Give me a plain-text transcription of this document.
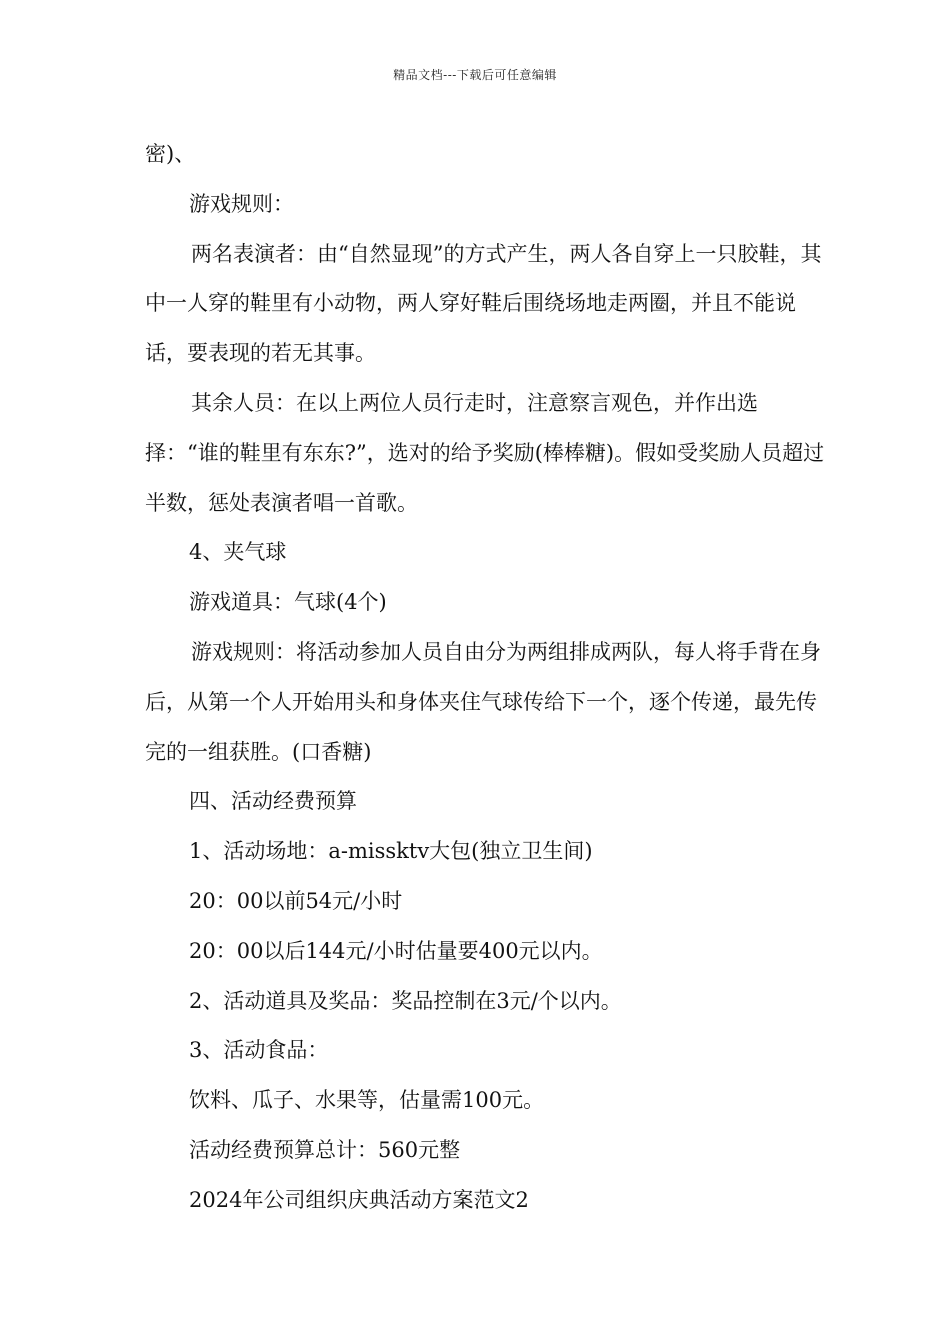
精品文档---下载后可任意编辑

密)、

游戏规则：

两名表演者：由“自然显现”的方式产生，两人各自穿上一只胶鞋，其中一人穿的鞋里有小动物，两人穿好鞋后围绕场地走两圈，并且不能说话，要表现的若无其事。

其余人员：在以上两位人员行走时，注意察言观色，并作出选择：“谁的鞋里有东东?”，选对的给予奖励(棒棒糖)。假如受奖励人员超过半数，惩处表演者唱一首歌。

4、夹气球

游戏道具：气球(4个)

游戏规则：将活动参加人员自由分为两组排成两队，每人将手背在身后，从第一个人开始用头和身体夹住气球传给下一个，逐个传递，最先传完的一组获胜。(口香糖)

四、活动经费预算

1、活动场地：a-missktv大包(独立卫生间)

20：00以前54元/小时

20：00以后144元/小时估量要400元以内。

2、活动道具及奖品：奖品控制在3元/个以内。

3、活动食品：

饮料、瓜子、水果等，估量需100元。

活动经费预算总计：560元整

2024年公司组织庆典活动方案范文2
